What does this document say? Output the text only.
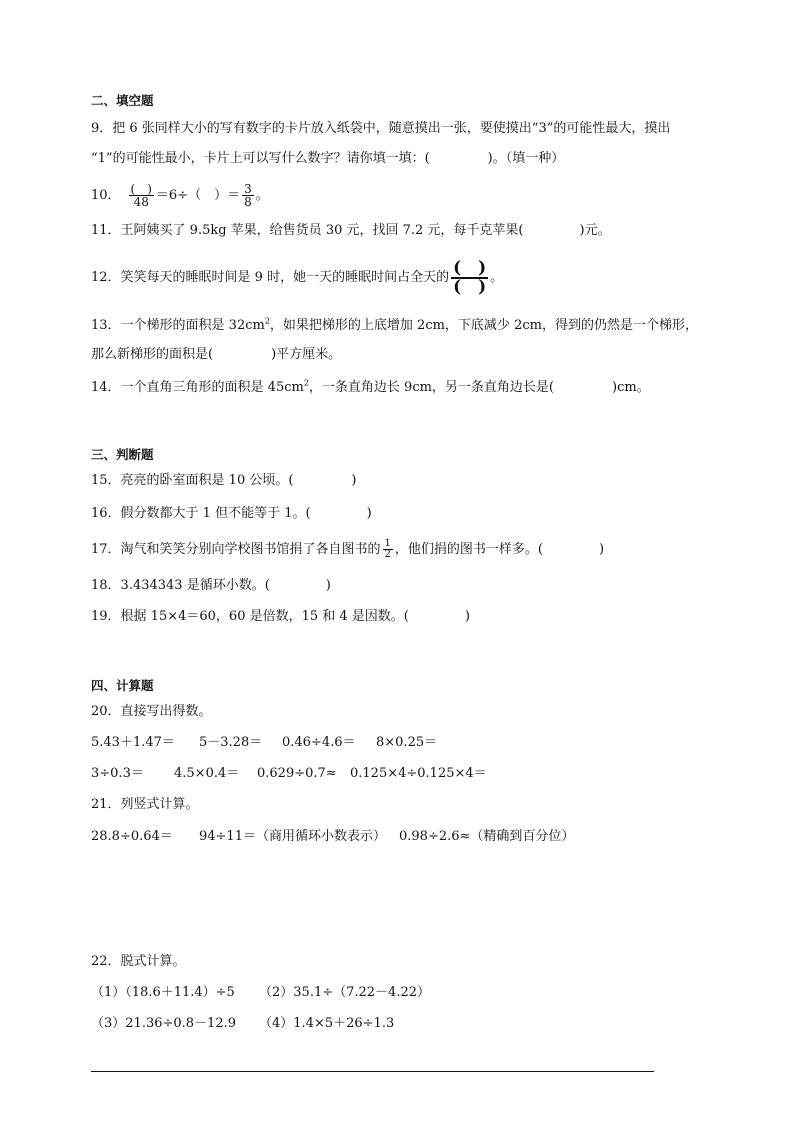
二、填空题
9．把 6 张同样大小的写有数字的卡片放入纸袋中，随意摸出一张，要使摸出“3”的可能性最大，摸出
“1”的可能性最小，卡片上可以写什么数字？请你填一填：(	)。（填一种）
10． $\frac{( )}{48} =6\div$（　）＝ $\frac{3}{8}$ 。
11．王阿姨买了 9.5kg 苹果，给售货员 30 元，找回 7.2 元，每千克苹果(	)元。
12．笑笑每天的睡眠时间是 9 时，她一天的睡眠时间占全天的 $\frac{( )}{( )}$ 。
13．一个梯形的面积是 $32cm^2$，如果把梯形的上底增加 2cm，下底减少 2cm，得到的仍然是一个梯形，
那么新梯形的面积是(	)平方厘米。
14．一个直角三角形的面积是 $45cm^2$，一条直角边长 9cm，另一条直角边长是(	)cm。
三、判断题
15．亮亮的卧室面积是 10 公顷。(	)
16．假分数都大于 1 但不能等于 1。(	)
17．淘气和笑笑分别向学校图书馆捐了各自图书的 $\frac{1}{2}$ ，他们捐的图书一样多。(	)
18．3.434343 是循环小数。(	)
19．根据 15×4＝60，60 是倍数，15 和 4 是因数。(	)
四、计算题
20．直接写出得数。
5.43＋1.47＝ 5－3.28＝ 0.46÷4.6＝ 8×0.25＝
3÷0.3＝ 4.5×0.4＝ 0.629÷0.7≈ 0.125×4÷0.125×4＝
21．列竖式计算。
28.8÷0.64＝ 94÷11＝（商用循环小数表示） 0.98÷2.6≈（精确到百分位）
22．脱式计算。
（1）（18.6＋11.4）÷5 （2）35.1÷（7.22－4.22）
（3）21.36÷0.8－12.9 （4）1.4×5＋26÷1.3
